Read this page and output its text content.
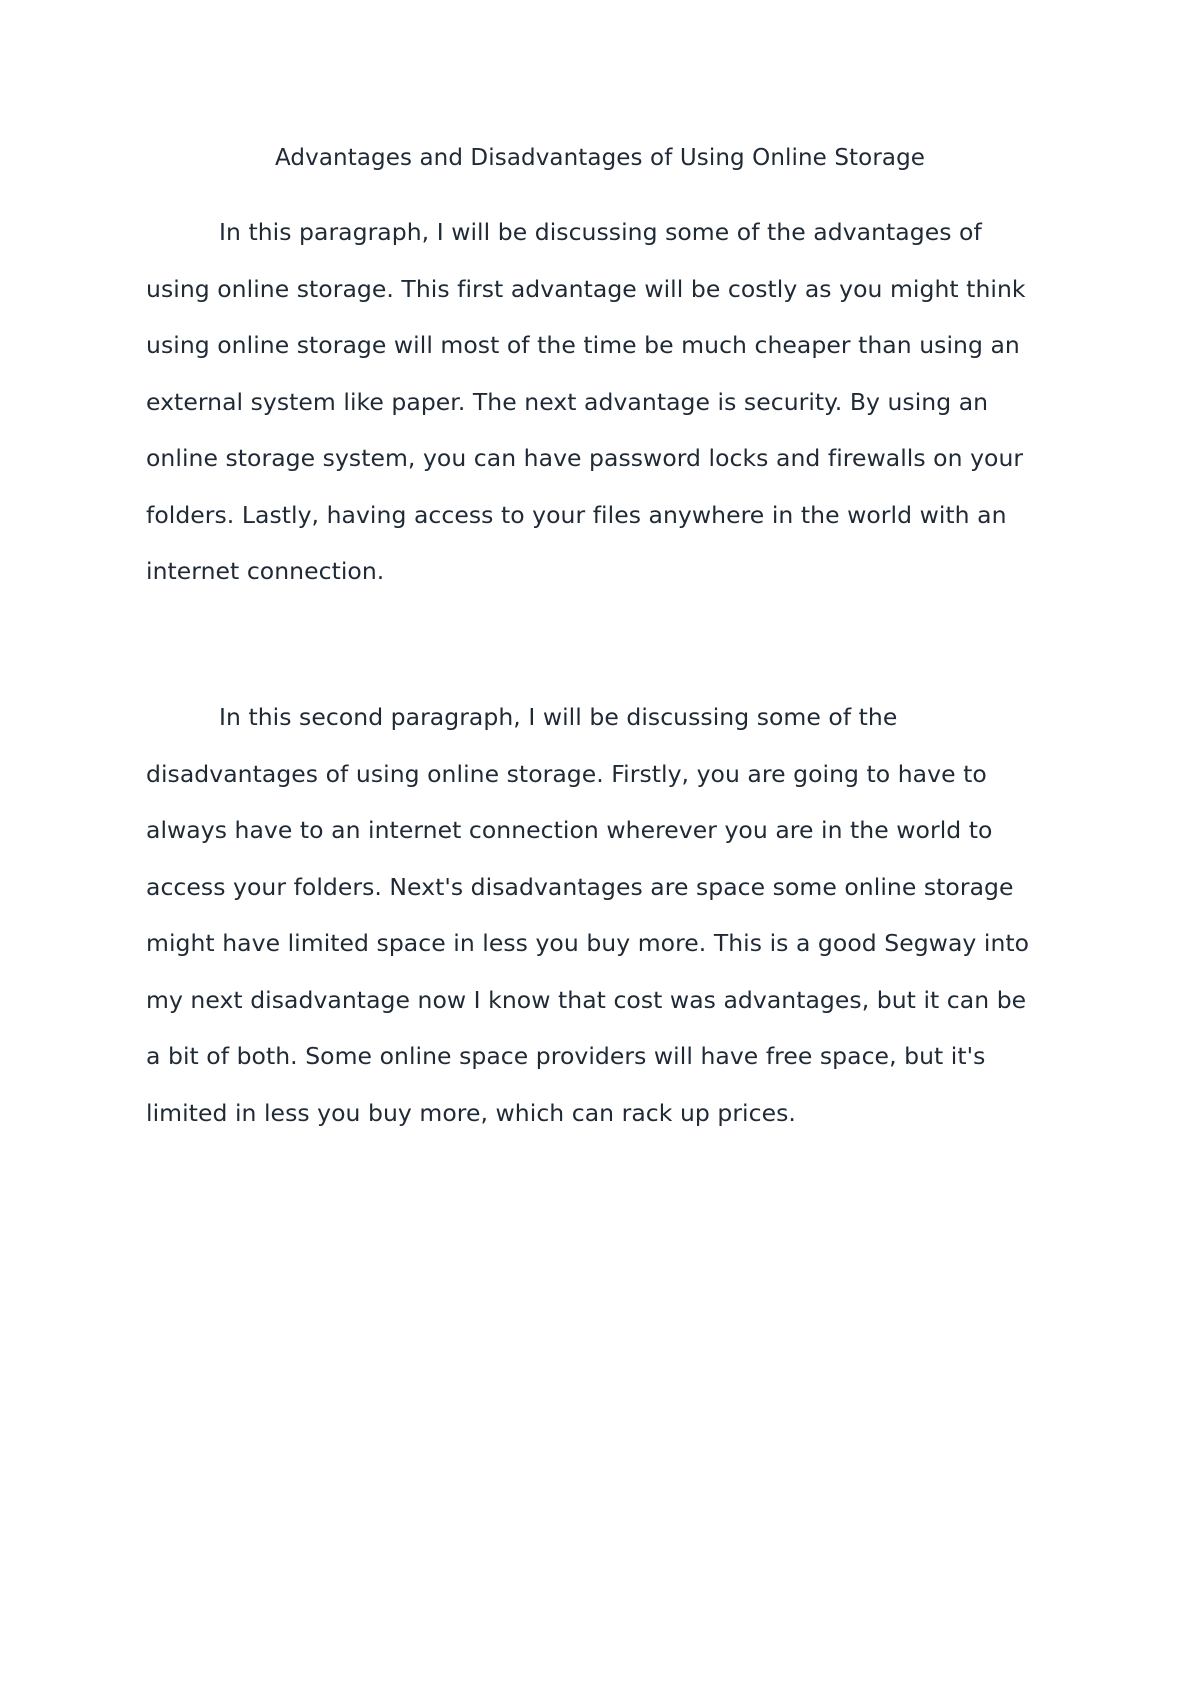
Advantages and Disadvantages of Using Online Storage
In this paragraph, I will be discussing some of the advantages of
using online storage. This first advantage will be costly as you might think
using online storage will most of the time be much cheaper than using an
external system like paper. The next advantage is security. By using an
online storage system, you can have password locks and firewalls on your
folders. Lastly, having access to your files anywhere in the world with an
internet connection.
In this second paragraph, I will be discussing some of the
disadvantages of using online storage. Firstly, you are going to have to
always have to an internet connection wherever you are in the world to
access your folders. Next's disadvantages are space some online storage
might have limited space in less you buy more. This is a good Segway into
my next disadvantage now I know that cost was advantages, but it can be
a bit of both. Some online space providers will have free space, but it's
limited in less you buy more, which can rack up prices.
